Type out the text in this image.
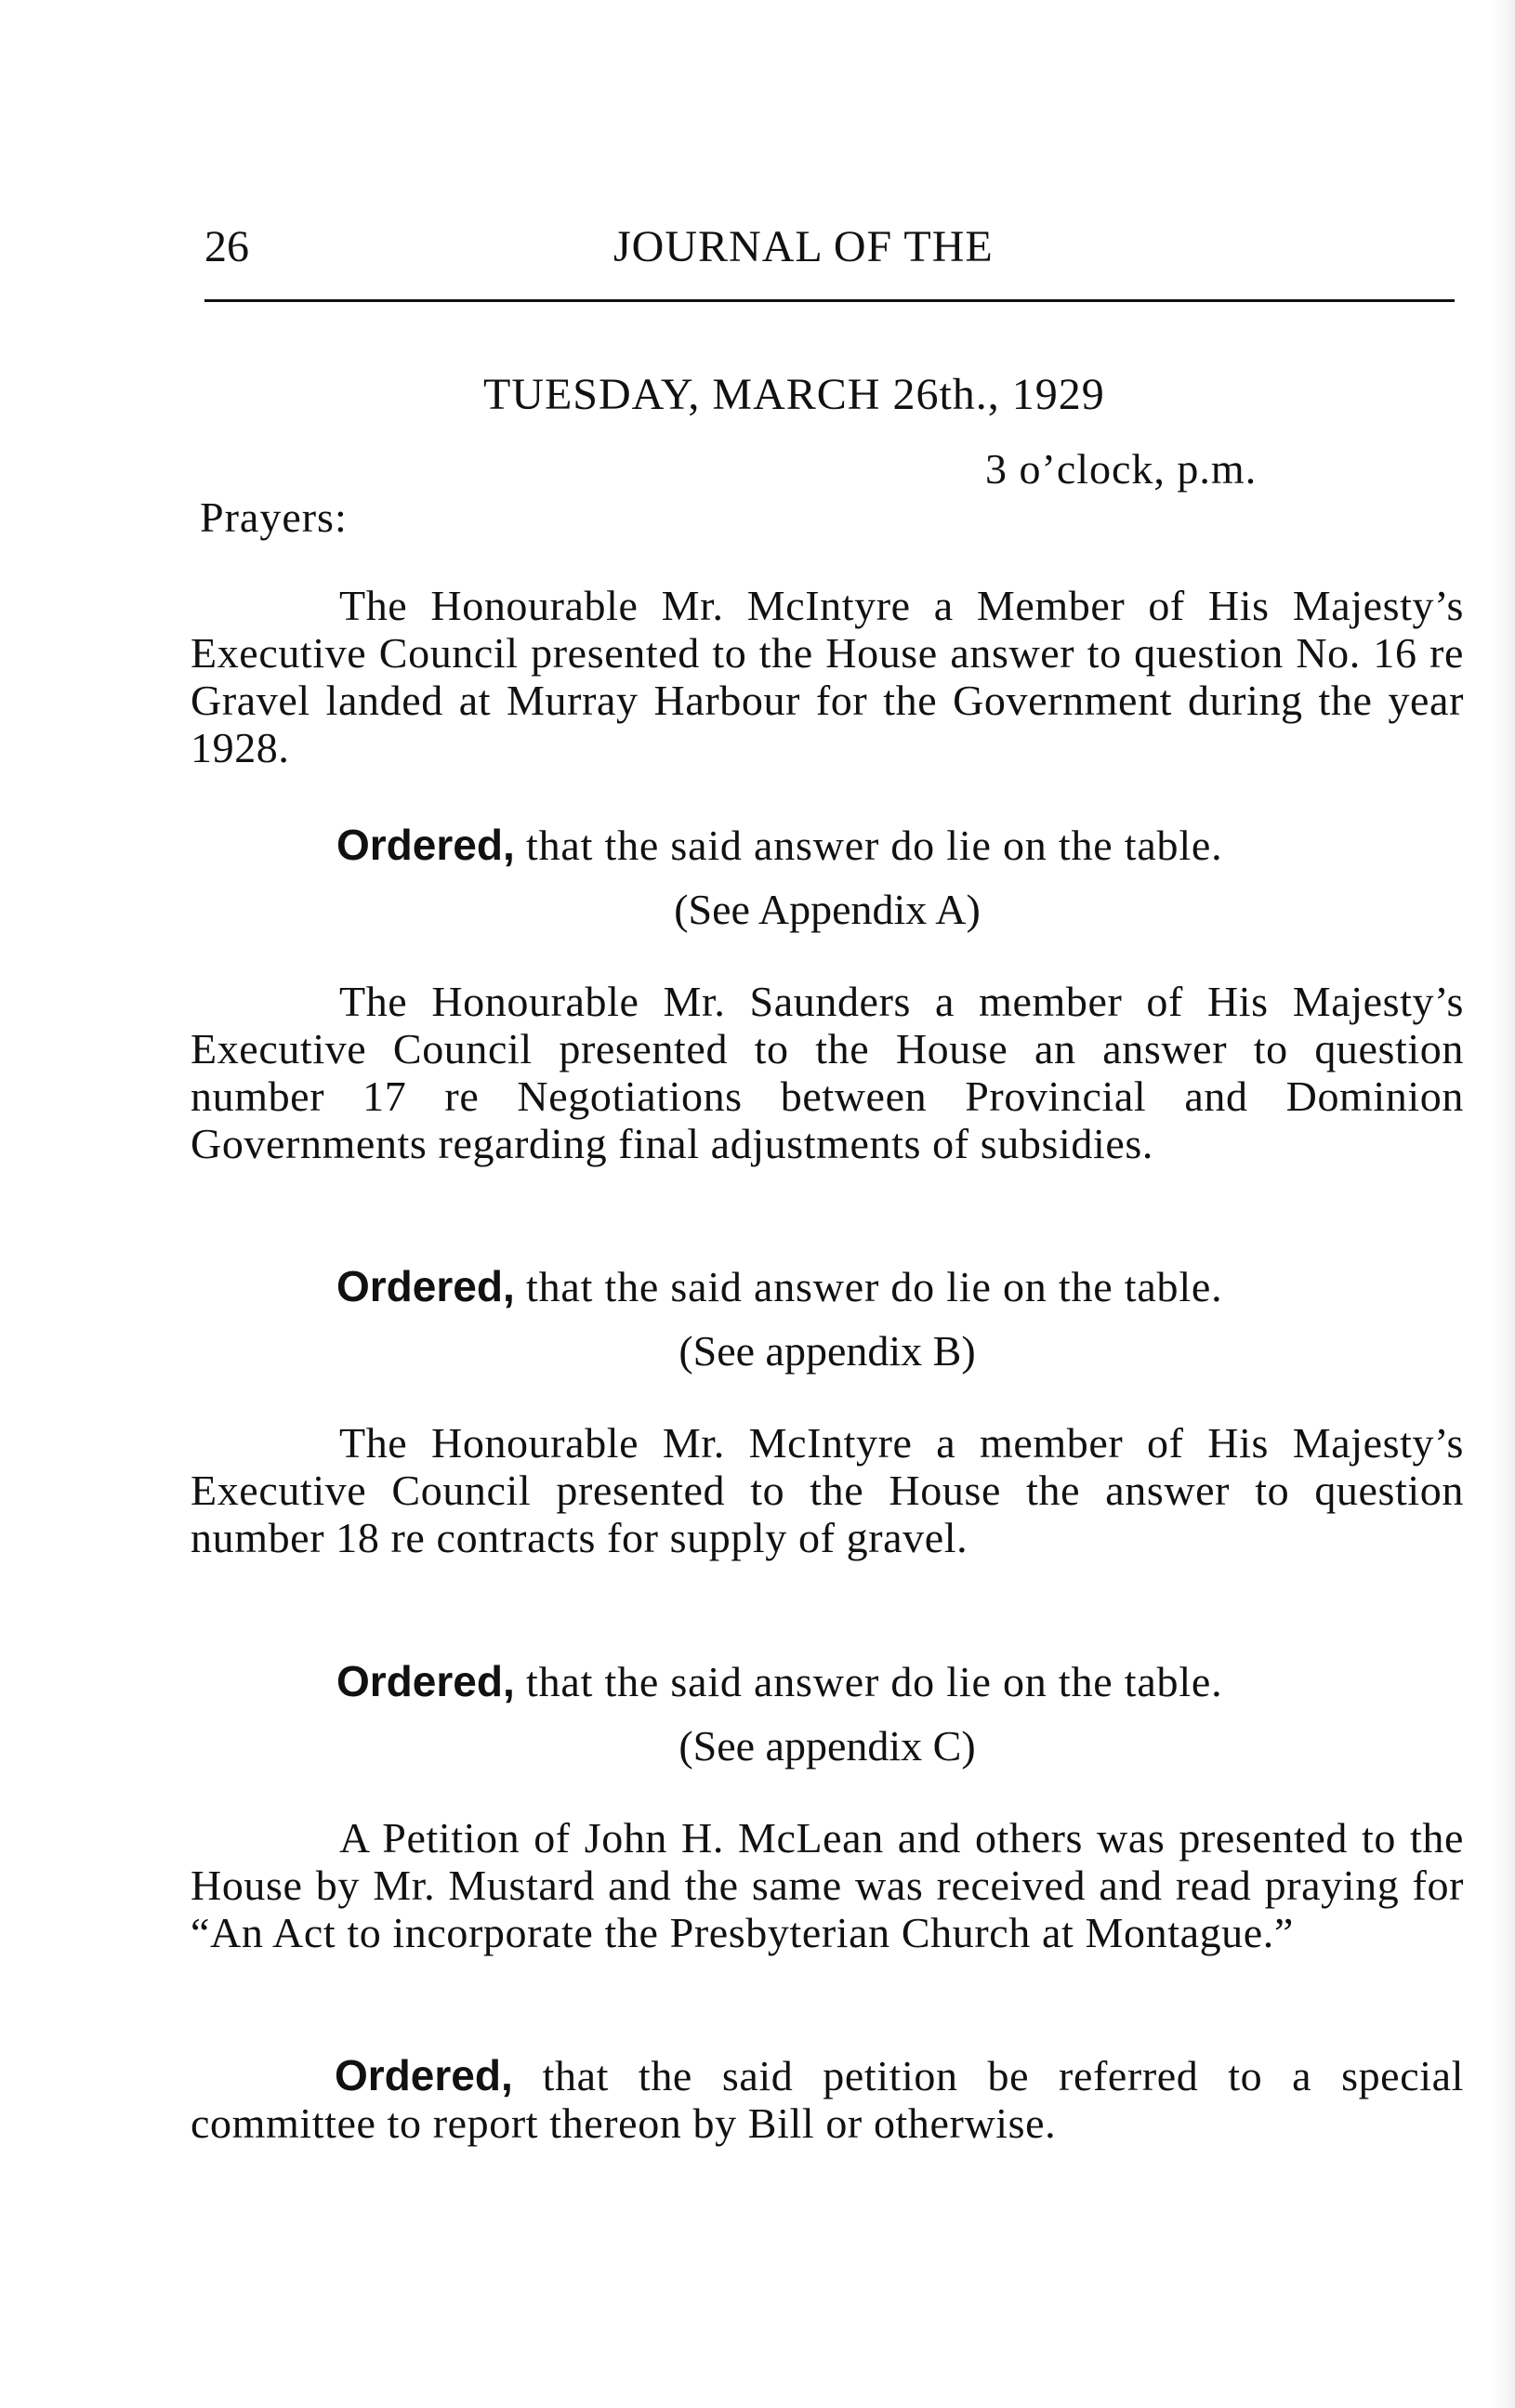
26	JOURNAL OF THE
TUESDAY, MARCH 26th., 1929
3 o’clock, p.m.
Prayers:
The Honourable Mr. McIntyre a Member of His Majesty’s Executive Council presented to the House answer to question No. 16 re Gravel landed at Murray Harbour for the Government during the year 1928.
Ordered, that the said answer do lie on the table.
(See Appendix A)
The Honourable Mr. Saunders a member of His Majesty’s Executive Council presented to the House an answer to question number 17 re Negotiations between Provincial and Dominion Governments regarding final adjustments of subsidies.
Ordered, that the said answer do lie on the table.
(See appendix B)
The Honourable Mr. McIntyre a member of His Majesty’s Executive Council presented to the House the answer to question number 18 re contracts for supply of gravel.
Ordered, that the said answer do lie on the table.
(See appendix C)
A Petition of John H. McLean and others was presented to the House by Mr. Mustard and the same was received and read praying for “An Act to incorporate the Presbyterian Church at Montague.”
Ordered, that the said petition be referred to a special committee to report thereon by Bill or otherwise.
